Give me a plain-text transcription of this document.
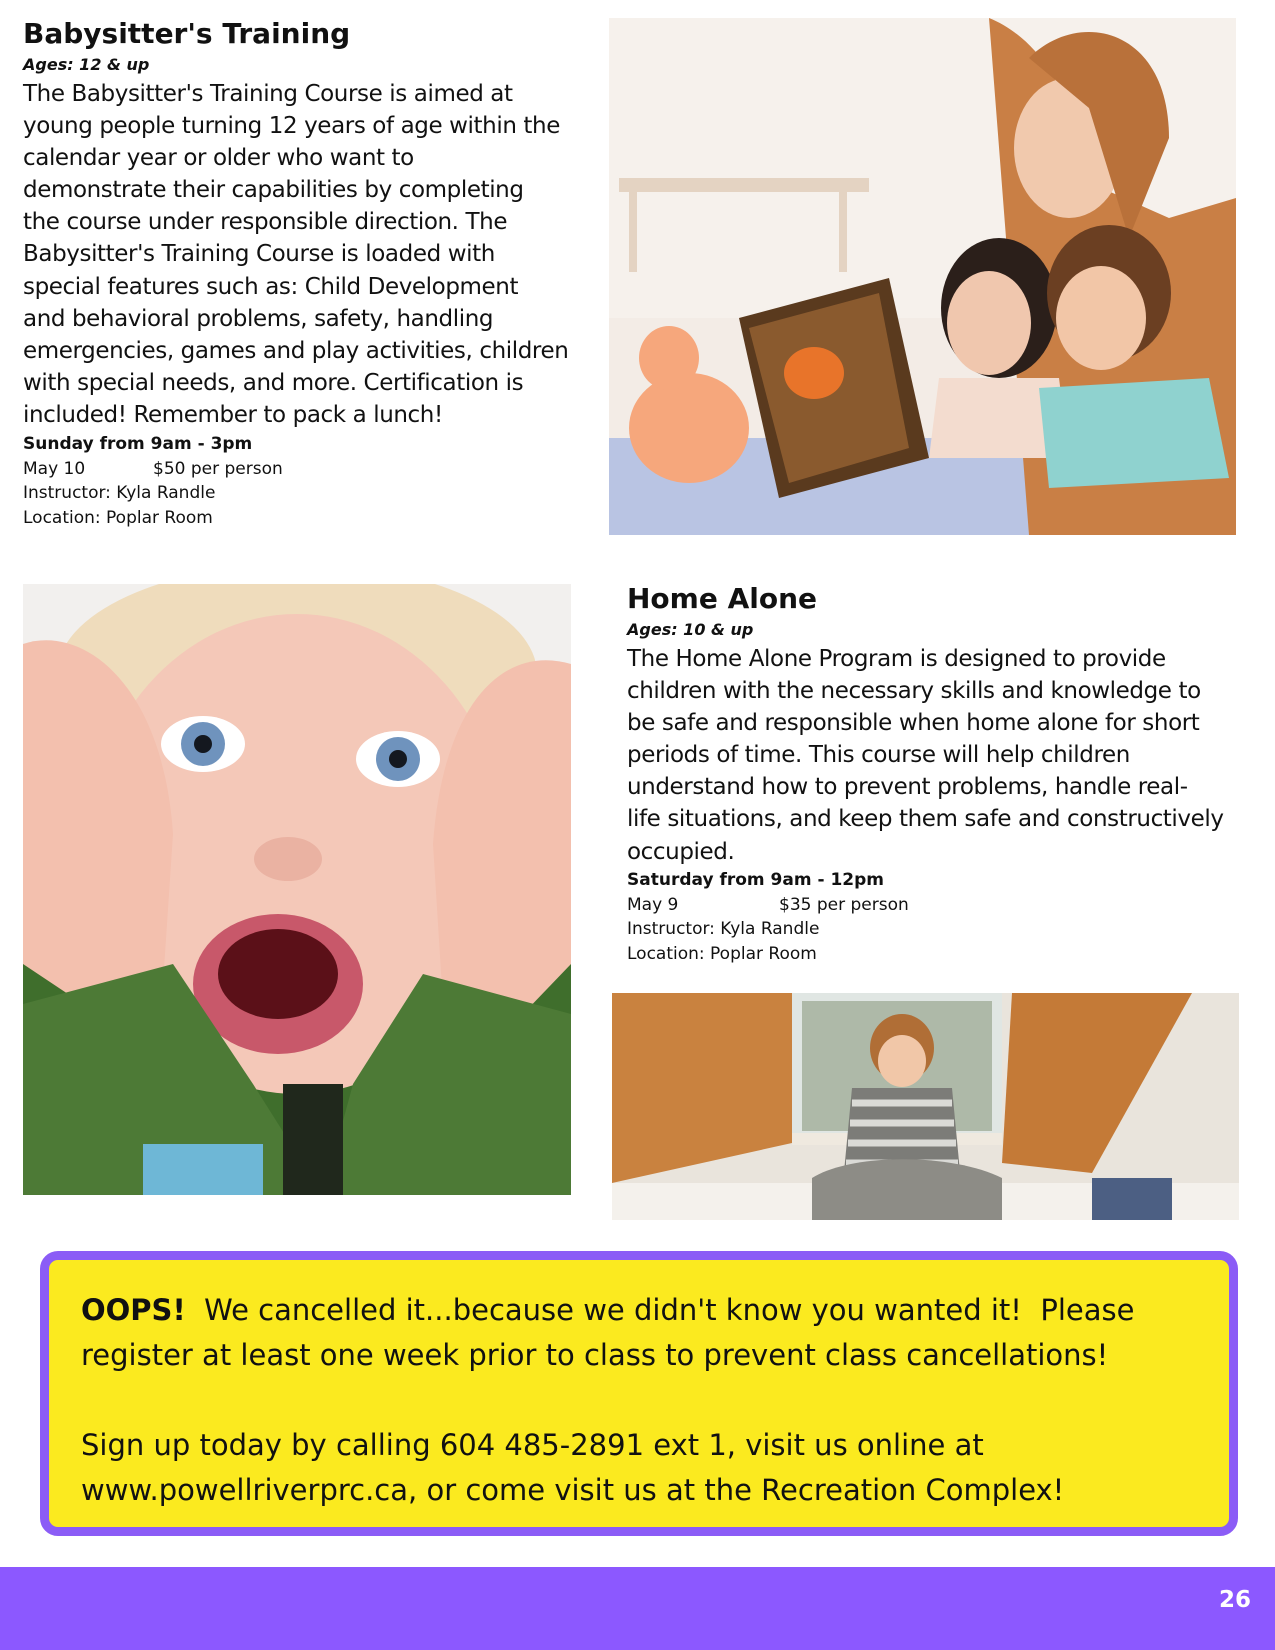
Babysitter's Training
Ages: 12 & up
The Babysitter's Training Course is aimed at
young people turning 12 years of age within the
calendar year or older who want to
demonstrate their capabilities by completing
the course under responsible direction. The
Babysitter's Training Course is loaded with
special features such as: Child Development
and behavioral problems, safety, handling
emergencies, games and play activities, children
with special needs, and more. Certification is
included! Remember to pack a lunch!
Sunday from 9am - 3pm
May 10	$50 per person
Instructor: Kyla Randle
Location: Poplar Room
Home Alone
Ages: 10 & up
The Home Alone Program is designed to provide
children with the necessary skills and knowledge to
be safe and responsible when home alone for short
periods of time. This course will help children
understand how to prevent problems, handle real-
life situations, and keep them safe and constructively
occupied.
Saturday from 9am - 12pm
May 9	$35 per person
Instructor: Kyla Randle
Location: Poplar Room

OOPS!  We cancelled it...because we didn't know you wanted it!  Please
register at least one week prior to class to prevent class cancellations!

Sign up today by calling 604 485-2891 ext 1, visit us online at
www.powellriverprc.ca, or come visit us at the Recreation Complex!

26
